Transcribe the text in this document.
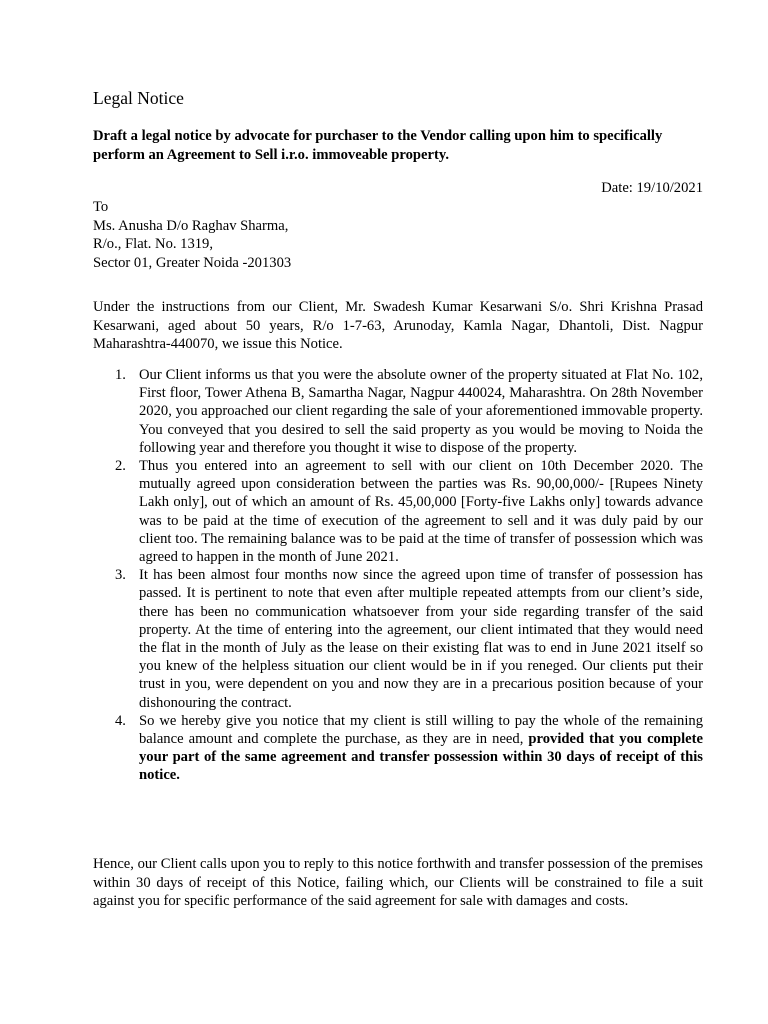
Legal Notice

Draft a legal notice by advocate for purchaser to the Vendor calling upon him to specifically perform an Agreement to Sell i.r.o. immoveable property.

Date: 19/10/2021
To
Ms. Anusha D/o Raghav Sharma,
R/o., Flat. No. 1319,
Sector 01, Greater Noida -201303

Under the instructions from our Client, Mr. Swadesh Kumar Kesarwani S/o. Shri Krishna Prasad Kesarwani, aged about 50 years, R/o 1-7-63, Arunoday, Kamla Nagar, Dhantoli, Dist. Nagpur Maharashtra-440070, we issue this Notice.

1. Our Client informs us that you were the absolute owner of the property situated at Flat No. 102, First floor, Tower Athena B, Samartha Nagar, Nagpur 440024, Maharashtra. On 28th November 2020, you approached our client regarding the sale of your aforementioned immovable property. You conveyed that you desired to sell the said property as you would be moving to Noida the following year and therefore you thought it wise to dispose of the property.
2. Thus you entered into an agreement to sell with our client on 10th December 2020. The mutually agreed upon consideration between the parties was Rs. 90,00,000/- [Rupees Ninety Lakh only], out of which an amount of Rs. 45,00,000 [Forty-five Lakhs only] towards advance was to be paid at the time of execution of the agreement to sell and it was duly paid by our client too. The remaining balance was to be paid at the time of transfer of possession which was agreed to happen in the month of June 2021.
3. It has been almost four months now since the agreed upon time of transfer of possession has passed. It is pertinent to note that even after multiple repeated attempts from our client’s side, there has been no communication whatsoever from your side regarding transfer of the said property. At the time of entering into the agreement, our client intimated that they would need the flat in the month of July as the lease on their existing flat was to end in June 2021 itself so you knew of the helpless situation our client would be in if you reneged. Our clients put their trust in you, were dependent on you and now they are in a precarious position because of your dishonouring the contract.
4. So we hereby give you notice that my client is still willing to pay the whole of the remaining balance amount and complete the purchase, as they are in need, provided that you complete your part of the same agreement and transfer possession within 30 days of receipt of this notice.

Hence, our Client calls upon you to reply to this notice forthwith and transfer possession of the premises within 30 days of receipt of this Notice, failing which, our Clients will be constrained to file a suit against you for specific performance of the said agreement for sale with damages and costs.
